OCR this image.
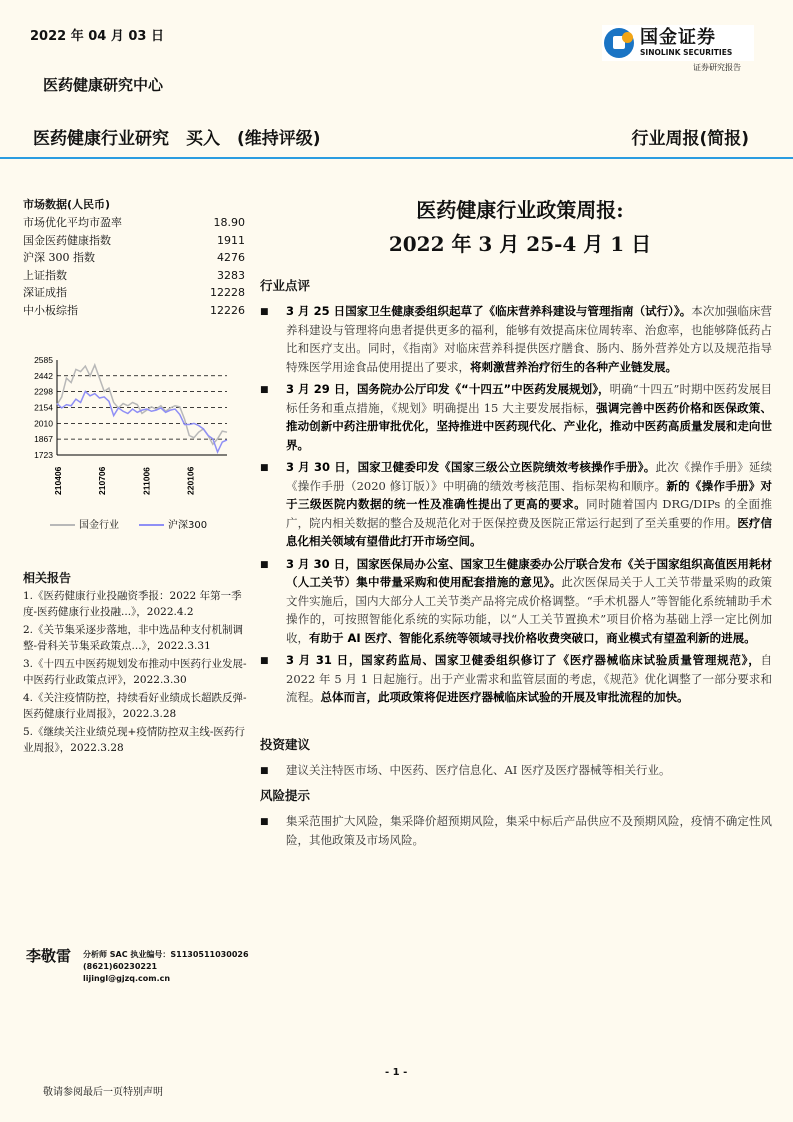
2022 年 04 月 03 日	国金证券
SINOLINK SECURITIES
证券研究报告
医药健康研究中心
医药健康行业研究　买入　(维持评级)	行业周报(简报)
市场数据(人民币)
市场优化平均市盈率	18.90
国金医药健康指数	1911
沪深 300 指数	4276
上证指数	3283
深证成指	12228
中小板综指	12226
2585
2442
2298
2154
2010
1867
1723
210406	210706	211006	220106
国金行业	沪深300
相关报告
1.《医药健康行业投融资季报：2022 年第一季度-医药健康行业投融...》，2022.4.2
2.《关节集采逐步落地，非中选品种支付机制调整-骨科关节集采政策点...》，2022.3.31
3.《十四五中医药规划发布推动中医药行业发展-中医药行业政策点评》，2022.3.30
4.《关注疫情防控，持续看好业绩成长超跌反弹-医药健康行业周报》，2022.3.28
5.《继续关注业绩兑现+疫情防控双主线-医药行业周报》，2022.3.28
李敬雷 分析师 SAC 执业编号：S1130511030026
(8621)60230221
lijingl@gjzq.com.cn
医药健康行业政策周报:
2022 年 3 月 25-4 月 1 日
行业点评
■	3 月 25 日国家卫生健康委组织起草了《临床营养科建设与管理指南（试行）》。本次加强临床营养科建设与管理将向患者提供更多的福利，能够有效提高床位周转率、治愈率，也能够降低药占比和医疗支出。同时，《指南》对临床营养科提供医疗膳食、肠内、肠外营养处方以及规范指导特殊医学用途食品使用提出了要求，将刺激营养治疗衍生的各种产业链发展。
■	3 月 29 日，国务院办公厅印发《“十四五”中医药发展规划》，明确“十四五”时期中医药发展目标任务和重点措施，《规划》明确提出 15 大主要发展指标，强调完善中医药价格和医保政策、推动创新中药注册审批优化，坚持推进中医药现代化、产业化，推动中医药高质量发展和走向世界。
■	3 月 30 日，国家卫健委印发《国家三级公立医院绩效考核操作手册》。此次《操作手册》延续《操作手册（2020 修订版）》中明确的绩效考核范围、指标架构和顺序。新的《操作手册》对于三级医院内数据的统一性及准确性提出了更高的要求。同时随着国内 DRG/DIPs 的全面推广，院内相关数据的整合及规范化对于医保控费及医院正常运行起到了至关重要的作用。医疗信息化相关领域有望借此打开市场空间。
■	3 月 30 日，国家医保局办公室、国家卫生健康委办公厅联合发布《关于国家组织高值医用耗材（人工关节）集中带量采购和使用配套措施的意见》。此次医保局关于人工关节带量采购的政策文件实施后，国内大部分人工关节类产品将完成价格调整。“手术机器人”等智能化系统辅助手术操作的，可按照智能化系统的实际功能，以“人工关节置换术”项目价格为基础上浮一定比例加收，有助于 AI 医疗、智能化系统等领域寻找价格收费突破口，商业模式有望盈利新的进展。
■	3 月 31 日，国家药监局、国家卫健委组织修订了《医疗器械临床试验质量管理规范》，自 2022 年 5 月 1 日起施行。出于产业需求和监管层面的考虑，《规范》优化调整了一部分要求和流程。总体而言，此项政策将促进医疗器械临床试验的开展及审批流程的加快。
投资建议
■	建议关注特医市场、中医药、医疗信息化、AI 医疗及医疗器械等相关行业。
风险提示
■	集采范围扩大风险，集采降价超预期风险，集采中标后产品供应不及预期风险，疫情不确定性风险，其他政策及市场风险。
- 1 -
敬请参阅最后一页特别声明
